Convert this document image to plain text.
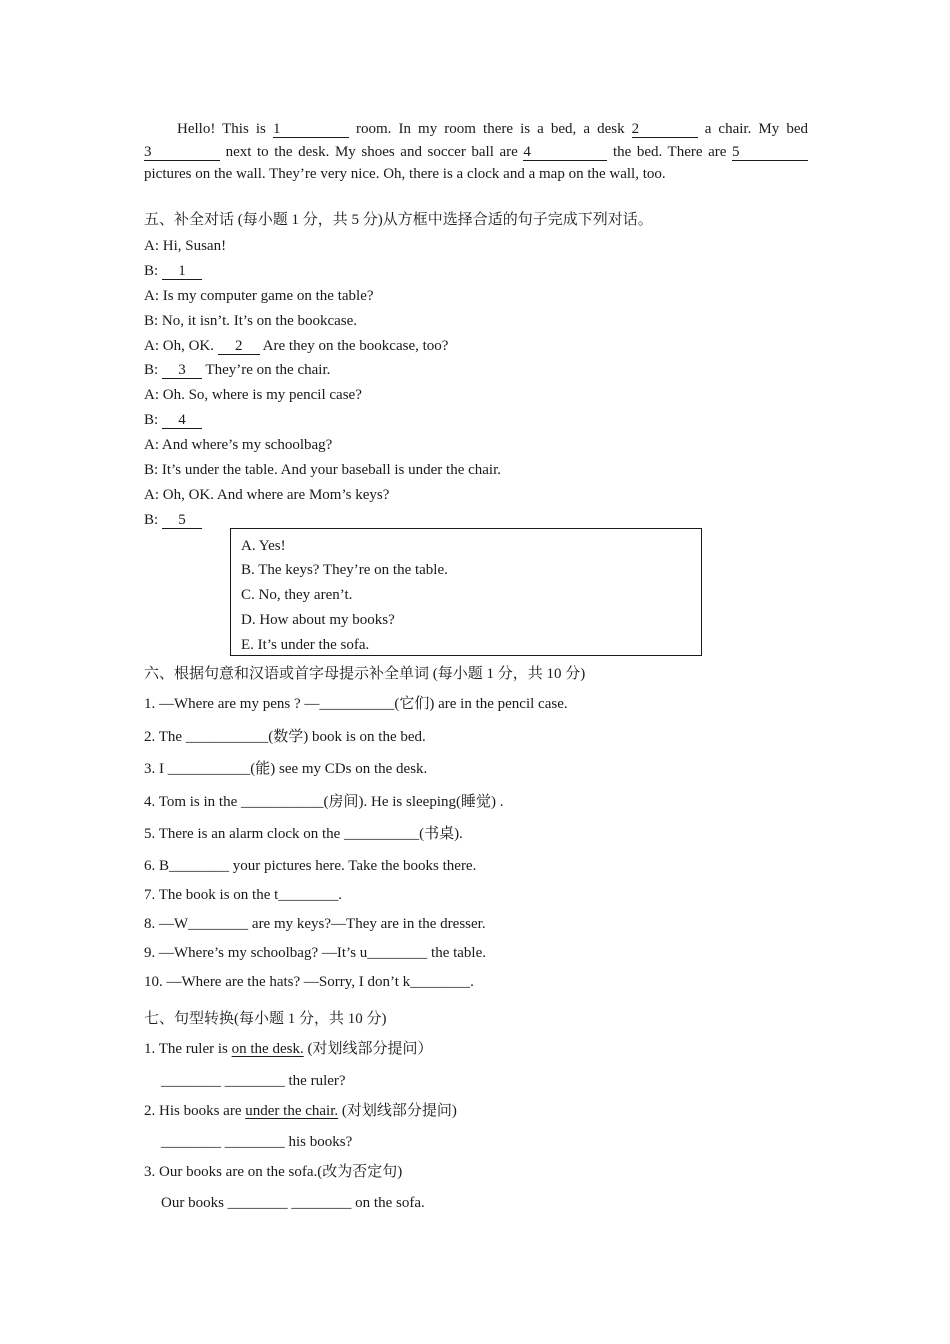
Hello! This is 1	room. In my room there is a bed, a desk 2	a chair. My bed 3	next to the desk. My shoes and soccer ball are 4	the bed. There are 5 pictures on the wall. They’re very nice. Oh, there is a clock and a map on the wall, too.
五、补全对话 (每小题 1 分，共 5 分)从方框中选择合适的句子完成下列对话。
A: Hi, Susan!
B: 1
A: Is my computer game on the table?
B: No, it isn’t. It’s on the bookcase.
A: Oh, OK. 2 Are they on the bookcase, too?
B: 3 They’re on the chair.
A: Oh. So, where is my pencil case?
B: 4
A: And where’s my schoolbag?
B: It’s under the table. And your baseball is under the chair.
A: Oh, OK. And where are Mom’s keys?
B: 5
A. Yes!
B. The keys? They’re on the table.
C. No, they aren’t.
D. How about my books?
E. It’s under the sofa.
六、根据句意和汉语或首字母提示补全单词 (每小题 1 分，共 10 分)
1. —Where are my pens ? —__________(它们) are in the pencil case.
2. The ___________(数学) book is on the bed.
3. I ___________(能) see my CDs on the desk.
4. Tom is in the ___________(房间). He is sleeping(睡觉) .
5. There is an alarm clock on the __________(书桌).
6. B________ your pictures here. Take the books there.
7. The book is on the t________.
8. —W________ are my keys?—They are in the dresser.
9. —Where’s my schoolbag? —It’s u________ the table.
10. —Where are the hats? —Sorry, I don’t k________.
七、句型转换(每小题 1 分，共 10 分)
1. The ruler is on the desk. (对划线部分提问）
________ ________ the ruler?
2. His books are under the chair. (对划线部分提问)
________ ________ his books?
3. Our books are on the sofa.(改为否定句)
Our books ________ ________ on the sofa.
